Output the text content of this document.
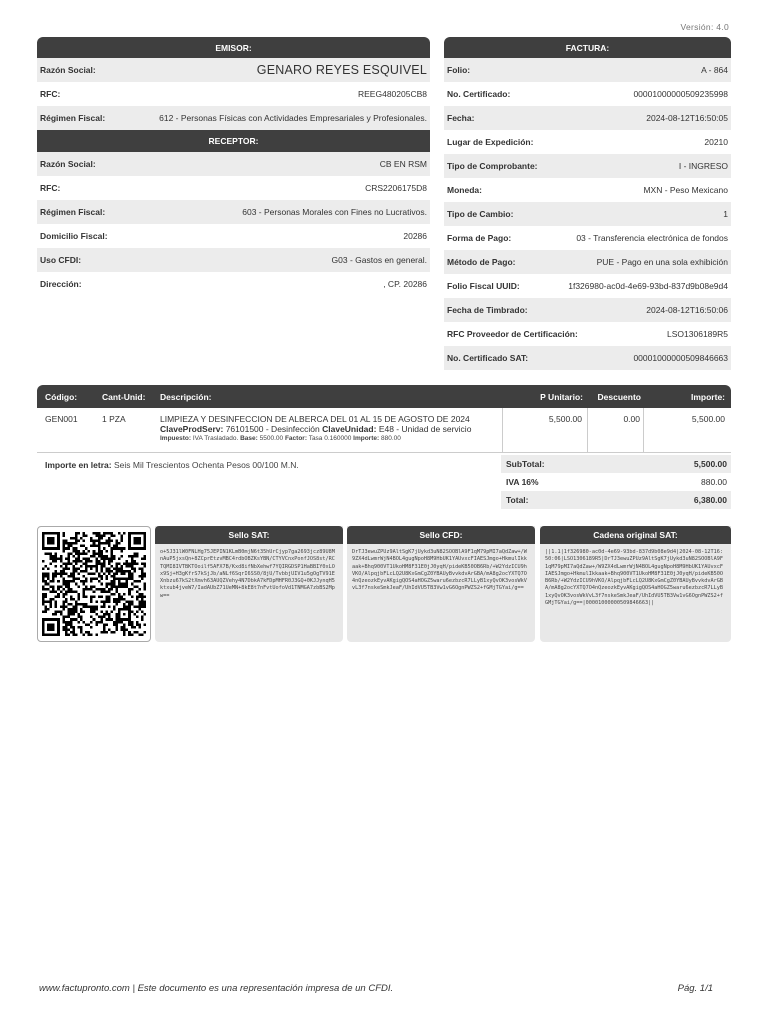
Versión: 4.0
EMISOR:
Razón Social:	GENARO REYES ESQUIVEL
RFC:	REEG480205CB8
Régimen Fiscal:	612 - Personas Físicas con Actividades Empresariales y Profesionales.
RECEPTOR:
Razón Social:	CB EN RSM
RFC:	CRS2206175D8
Régimen Fiscal:	603 - Personas Morales con Fines no Lucrativos.
Domicilio Fiscal:	20286
Uso CFDI:	G03 - Gastos en general.
Dirección:	, CP. 20286
FACTURA:
Folio:	A - 864
No. Certificado:	00001000000509235998
Fecha:	2024-08-12T16:50:05
Lugar de Expedición:	20210
Tipo de Comprobante:	I - INGRESO
Moneda:	MXN - Peso Mexicano
Tipo de Cambio:	1
Forma de Pago:	03 - Transferencia electrónica de fondos
Método de Pago:	PUE - Pago en una sola exhibición
Folio Fiscal UUID:	1f326980-ac0d-4e69-93bd-837d9b08e9d4
Fecha de Timbrado:	2024-08-12T16:50:06
RFC Proveedor de Certificación:	LSO1306189R5
No. Certificado SAT:	00001000000509846663
Código:	Cant-Unid:	Descripción:	P Unitario:	Descuento	Importe:
GEN001	1 PZA	LIMPIEZA Y DESINFECCION DE ALBERCA DEL 01 AL 15 DE AGOSTO DE 2024
ClaveProdServ: 76101500 - Desinfección ClaveUnidad: E48 - Unidad de servicio
Impuesto: IVA Trasladado. Base: 5500.00 Factor: Tasa 0.160000 Importe: 880.00
5,500.00	0.00	5,500.00
Importe en letra: Seis Mil Trescientos Ochenta Pesos 00/100 M.N.	SubTotal:	5,500.00
IVA 16%	880.00
Total:	6,380.00
Sello SAT:
o+5J31lW0FNLHg75JEPIN1KLmB0mjN6t35hUrCjyp7ga2693jcz89U8MnAuP5jxsQn+8ZCprEtzvMBC4rdbOBZKsYBN/CTYVCnxPonfJOS8st/RCTQMI8IVTBKTOoilf5AFX7B/Kxd8ifNbXehwf7YQIRGDSP1HaBBIY0xLOx9Sj+H3gKfrS7kSjJb/aNLf6SqrI6SS0/8jU/TvbbjUIV1u5gOgTV91EXnbzu67kS2tXmvh63AUQZVehy4N7DbkA7kFDpMHFR0J3GQ+0KJJynqH5ktxub4jveW7/IadAUbZ71UeMN+8kE8t7nFvtUofoVd1TNMGA7zbBS2Mpw==
Sello CFD:
DrTJ3ewuZPUz9AltSgK7jUykd3uN82SOOBlA9F1qM79pMI7aQdZaw+/W9ZX4dLwmrWjN4BOL4gugNpoH8M9HbUK1YAUvxcFIAESJmgo+HkmulIkkaak+Bhq900VT1UkoHM8F31E0jJ0yqH/pideKB50OB6Rb/+W2YdzICU9hVKO/AlpqjbFLcLQ2U8KxGmCgZ0YBAUyBvvkdvArGBA/mA8g2ocYXTQ7O4nQzeozkEyvAKgigQOS4aHOGZ5waru6ezbzcR7LLyB1xyQvOK3vosWkVvL3f7nskeSmkJeaF/UhIdVU5TB3Vw1vG6OgnPWZS2+fGMjTGYai/g==
Cadena original SAT:
||1.1|1f326980-ac0d-4e69-93bd-837d9b08e9d4|2024-08-12T16:50:06|LSO1306189R5|DrTJ3ewuZPUz9AltSgK7jUykd3uN82SOOBlA9F1qM79pMI7aQdZaw+/W9ZX4dLwmrWjN4BOL4gugNpoH8M9HbUK1YAUvxcFIAESJmgo+HkmulIkkaak+Bhq900VT1UkoHM8F31E0jJ0yqH/pideKB50OB6Rb/+W2YdzICU9hVKO/AlpqjbFLcLQ2U8KxGmCgZ0YBAUyBvvkdvArGBA/mA8g2ocYXTQ7O4nQzeozkEyvAKgigQOS4aHOGZ5waru6ezbzcR7LLyB1xyQvOK3vosWkVvL3f7nskeSmkJeaF/UhIdVU5TB3Vw1vG6OgnPWZS2+fGMjTGYai/g==|00001000000509846663||
www.factupronto.com | Este documento es una representación impresa de un CFDI.	Pág. 1/1
